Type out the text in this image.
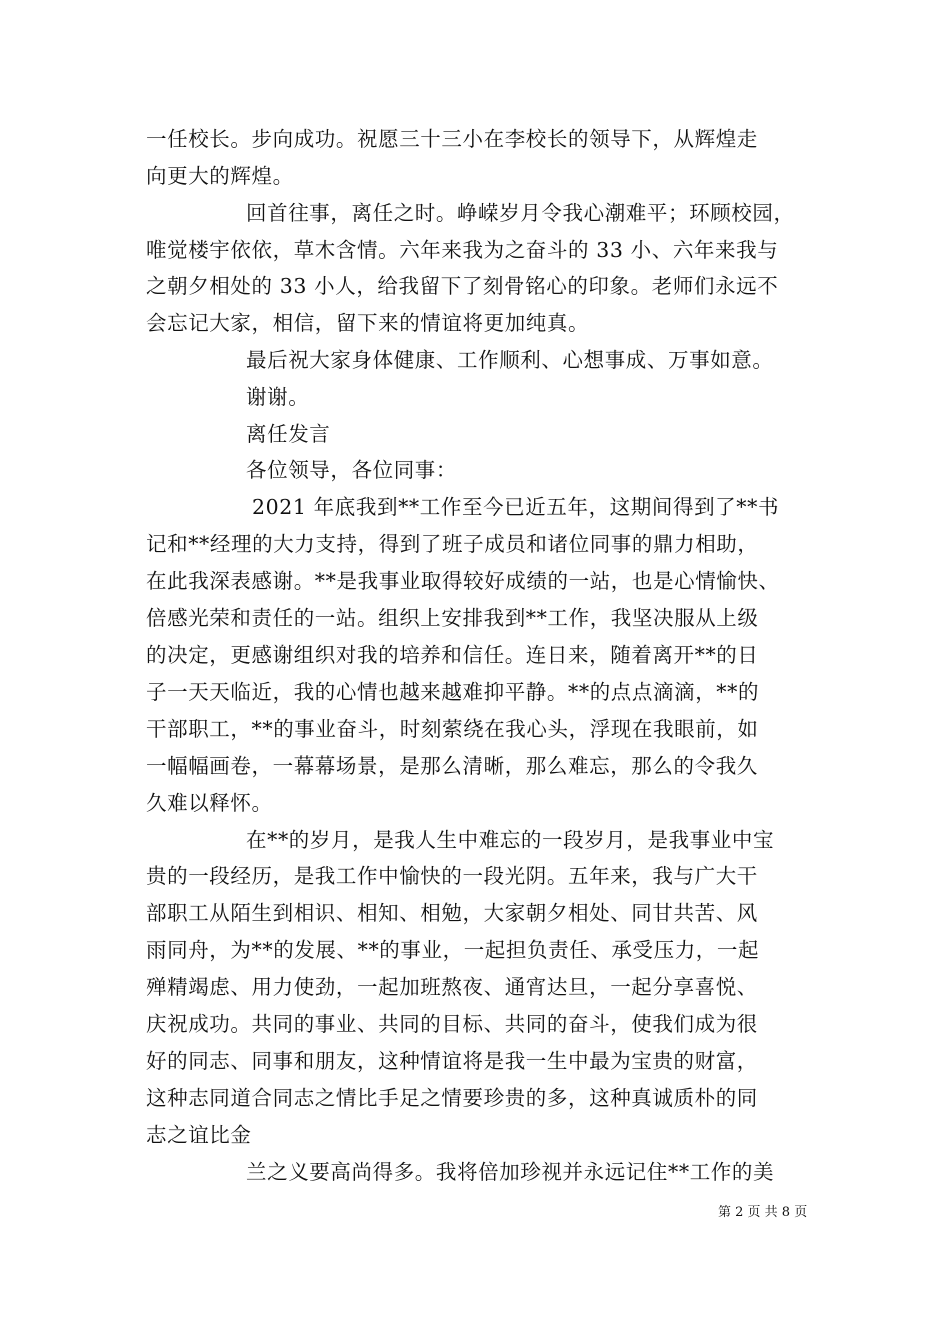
一任校长。步向成功。祝愿三十三小在李校长的领导下，从辉煌走
向更大的辉煌。
回首往事，离任之时。峥嵘岁月令我心潮难平；环顾校园，
唯觉楼宇依依，草木含情。六年来我为之奋斗的 33 小、六年来我与
之朝夕相处的 33 小人，给我留下了刻骨铭心的印象。老师们永远不
会忘记大家，相信，留下来的情谊将更加纯真。
最后祝大家身体健康、工作顺利、心想事成、万事如意。
谢谢。
离任发言
各位领导，各位同事：
2021 年底我到**工作至今已近五年，这期间得到了**书
记和**经理的大力支持，得到了班子成员和诸位同事的鼎力相助，
在此我深表感谢。**是我事业取得较好成绩的一站，也是心情愉快、
倍感光荣和责任的一站。组织上安排我到**工作，我坚决服从上级
的决定，更感谢组织对我的培养和信任。连日来，随着离开**的日
子一天天临近，我的心情也越来越难抑平静。**的点点滴滴，**的
干部职工，**的事业奋斗，时刻萦绕在我心头，浮现在我眼前，如
一幅幅画卷，一幕幕场景，是那么清晰，那么难忘，那么的令我久
久难以释怀。
在**的岁月，是我人生中难忘的一段岁月，是我事业中宝
贵的一段经历，是我工作中愉快的一段光阴。五年来，我与广大干
部职工从陌生到相识、相知、相勉，大家朝夕相处、同甘共苦、风
雨同舟，为**的发展、**的事业，一起担负责任、承受压力，一起
殚精竭虑、用力使劲，一起加班熬夜、通宵达旦，一起分享喜悦、
庆祝成功。共同的事业、共同的目标、共同的奋斗，使我们成为很
好的同志、同事和朋友，这种情谊将是我一生中最为宝贵的财富，
这种志同道合同志之情比手足之情要珍贵的多，这种真诚质朴的同
志之谊比金
兰之义要高尚得多。我将倍加珍视并永远记住**工作的美
第 2 页 共 8 页
